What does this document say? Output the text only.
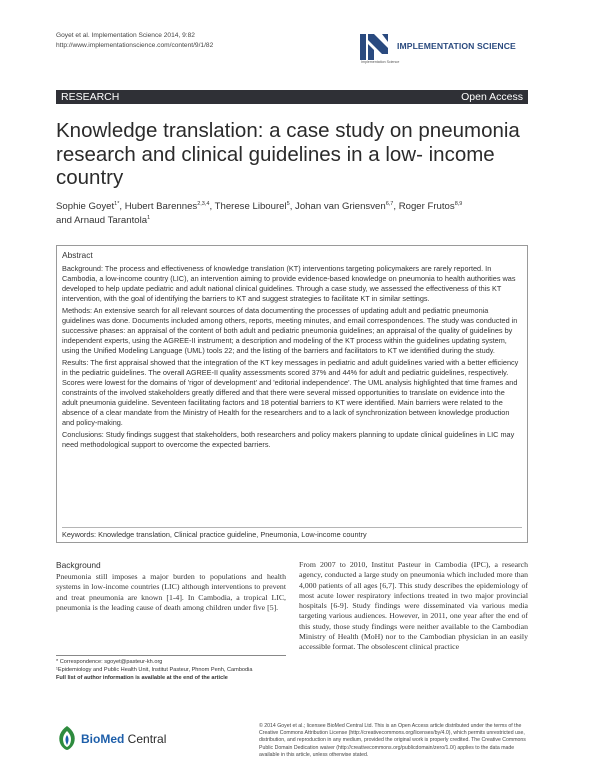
Goyet et al. Implementation Science 2014, 9:82
http://www.implementationscience.com/content/9/1/82	IMPLEMENTATION SCIENCE
Implementation Science
RESEARCH	Open Access
Knowledge translation: a case study on pneumonia research and clinical guidelines in a low- income country
Sophie Goyet$^{1*}$, Hubert Barennes$^{2,3,4}$, Therese Libourel$^5$, Johan van Griensven$^{6,7}$, Roger Frutos$^{8,9}$
and Arnaud Tarantola$^1$
Abstract

Background: The process and effectiveness of knowledge translation (KT) interventions targeting policymakers are rarely reported. In Cambodia, a low-income country (LIC), an intervention aiming to provide evidence-based knowledge on pneumonia to health authorities was developed to help update pediatric and adult national clinical guidelines. Through a case study, we assessed the effectiveness of this KT intervention, with the goal of identifying the barriers to KT and suggest strategies to facilitate KT in similar settings.

Methods: An extensive search for all relevant sources of data documenting the processes of updating adult and pediatric pneumonia guidelines was done. Documents included among others, reports, meeting minutes, and email correspondences. The study was conducted in successive phases: an appraisal of the content of both adult and pediatric pneumonia guidelines; an appraisal of the quality of guidelines by independent experts, using the AGREE-II instrument; a description and modeling of the KT process within the guidelines updating system, using the Unified Modeling Language (UML) tools 22; and the listing of the barriers and facilitators to KT we identified during the study.

Results: The first appraisal showed that the integration of the KT key messages in pediatric and adult guidelines varied with a better efficiency in the pediatric guidelines. The overall AGREE-II quality assessments scored 37% and 44% for adult and pediatric guidelines, respectively. Scores were lowest for the domains of 'rigor of development' and 'editorial independence'. The UML analysis highlighted that time frames and constraints of the involved stakeholders greatly differed and that there were several missed opportunities to translate on evidence into the adult pneumonia guideline. Seventeen facilitating factors and 18 potential barriers to KT were identified. Main barriers were related to the absence of a clear mandate from the Ministry of Health for the researchers and to a lack of synchronization between knowledge production and policy-making.

Conclusions: Study findings suggest that stakeholders, both researchers and policy makers planning to update clinical guidelines in LIC may need methodological support to overcome the expected barriers.

Keywords: Knowledge translation, Clinical practice guideline, Pneumonia, Low-income country
Background

Pneumonia still imposes a major burden to populations and health systems in low-income countries (LIC) although interventions to prevent and treat pneumonia are known [1-4]. In Cambodia, a tropical LIC, pneumonia is the leading cause of death among children under five [5].

From 2007 to 2010, Institut Pasteur in Cambodia (IPC), a research agency, conducted a large study on pneumonia which included more than 4,000 patients of all ages [6,7]. This study describes the epidemiology of most acute lower respiratory infections treated in two major provincial hospitals [6-9]. Study findings were disseminated via various media targeting various audiences. However, in 2011, one year after the end of this study, those study findings were neither available to the Cambodian Ministry of Health (MoH) nor to the Cambodian physician in an easily accessible format. The obsolescent clinical practice

* Correspondence: sgoyet@pasteur-kh.org
¹Epidemiology and Public Health Unit, Institut Pasteur, Phnom Penh, Cambodia
Full list of author information is available at the end of the article
BioMed Central
© 2014 Goyet et al.; licensee BioMed Central Ltd. This is an Open Access article distributed under the terms of the Creative Commons Attribution License (http://creativecommons.org/licenses/by/4.0), which permits unrestricted use, distribution, and reproduction in any medium, provided the original work is properly credited. The Creative Commons Public Domain Dedication waiver (http://creativecommons.org/publicdomain/zero/1.0/) applies to the data made available in this article, unless otherwise stated.
